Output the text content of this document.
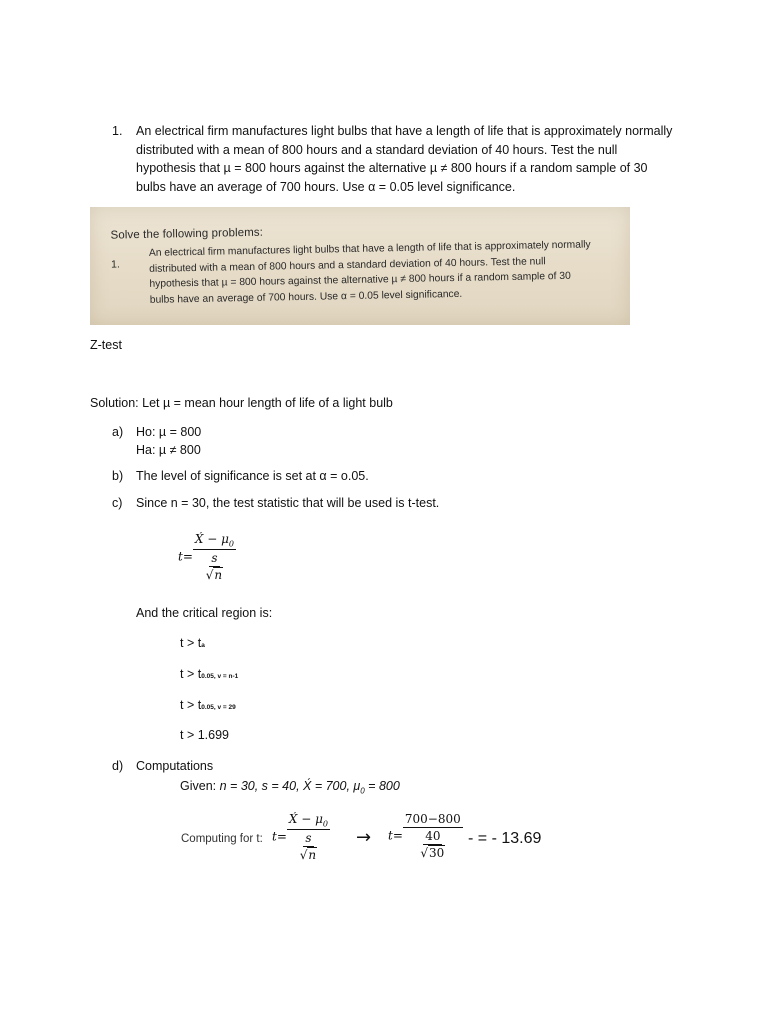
1. An electrical firm manufactures light bulbs that have a length of life that is approximately normally distributed with a mean of 800 hours and a standard deviation of 40 hours. Test the null hypothesis that µ = 800 hours against the alternative µ ≠ 800 hours if a random sample of 30 bulbs have an average of 700 hours. Use α = 0.05 level significance.
Solve the following problems:
1.
An electrical firm manufactures light bulbs that have a length of life that is approximately normally
distributed with a mean of 800 hours and a standard deviation of 40 hours. Test the null
hypothesis that µ = 800 hours against the alternative µ ≠ 800 hours if a random sample of 30
bulbs have an average of 700 hours. Use α = 0.05 level significance.
Z-test
Solution: Let µ = mean hour length of life of a light bulb
a) Ho: µ = 800
Ha: µ ≠ 800
b) The level of significance is set at α = o.05.
c) Since n = 30, the test statistic that will be used is t-test.
$t= \frac{X́ - \mu_0}{\frac{s}{√n}}$
And the critical region is:
t > ta
t > t0.05, v = n-1
t > t0.05, v = 29
t > 1.699
d) Computations
Given: n = 30, s = 40, X́ = 700, $\mu_0 = 800$
Computing for t: $t= \frac{X́ - \mu_0}{\frac{s}{√n}} \to t= \frac{700-800}{\frac{40}{√30}}$ - = - 13.69
